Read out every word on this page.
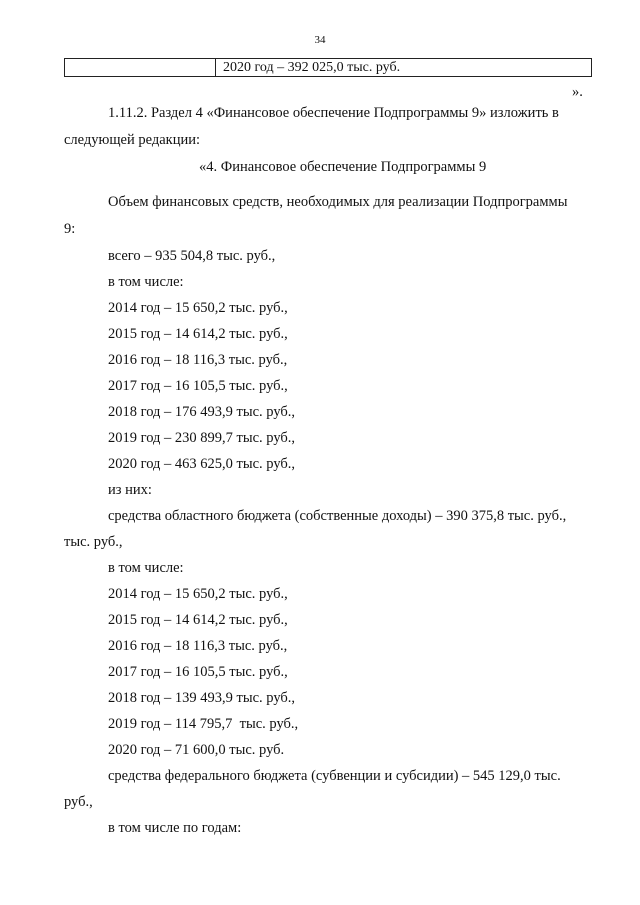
34
2020 год – 392 025,0 тыс. руб.
».
1.11.2. Раздел 4 «Финансовое обеспечение Подпрограммы 9» изложить в
следующей редакции:
«4. Финансовое обеспечение Подпрограммы 9
Объем финансовых средств, необходимых для реализации Подпрограммы
9:
всего – 935 504,8 тыс. руб.,
в том числе:
2014 год – 15 650,2 тыс. руб.,
2015 год – 14 614,2 тыс. руб.,
2016 год – 18 116,3 тыс. руб.,
2017 год – 16 105,5 тыс. руб.,
2018 год – 176 493,9 тыс. руб.,
2019 год – 230 899,7 тыс. руб.,
2020 год – 463 625,0 тыс. руб.,
из них:
средства областного бюджета (собственные доходы) – 390 375,8 тыс. руб.,
тыс. руб.,
в том числе:
2014 год – 15 650,2 тыс. руб.,
2015 год – 14 614,2 тыс. руб.,
2016 год – 18 116,3 тыс. руб.,
2017 год – 16 105,5 тыс. руб.,
2018 год – 139 493,9 тыс. руб.,
2019 год – 114 795,7  тыс. руб.,
2020 год – 71 600,0 тыс. руб.
средства федерального бюджета (субвенции и субсидии) – 545 129,0 тыс.
руб.,
в том числе по годам:
